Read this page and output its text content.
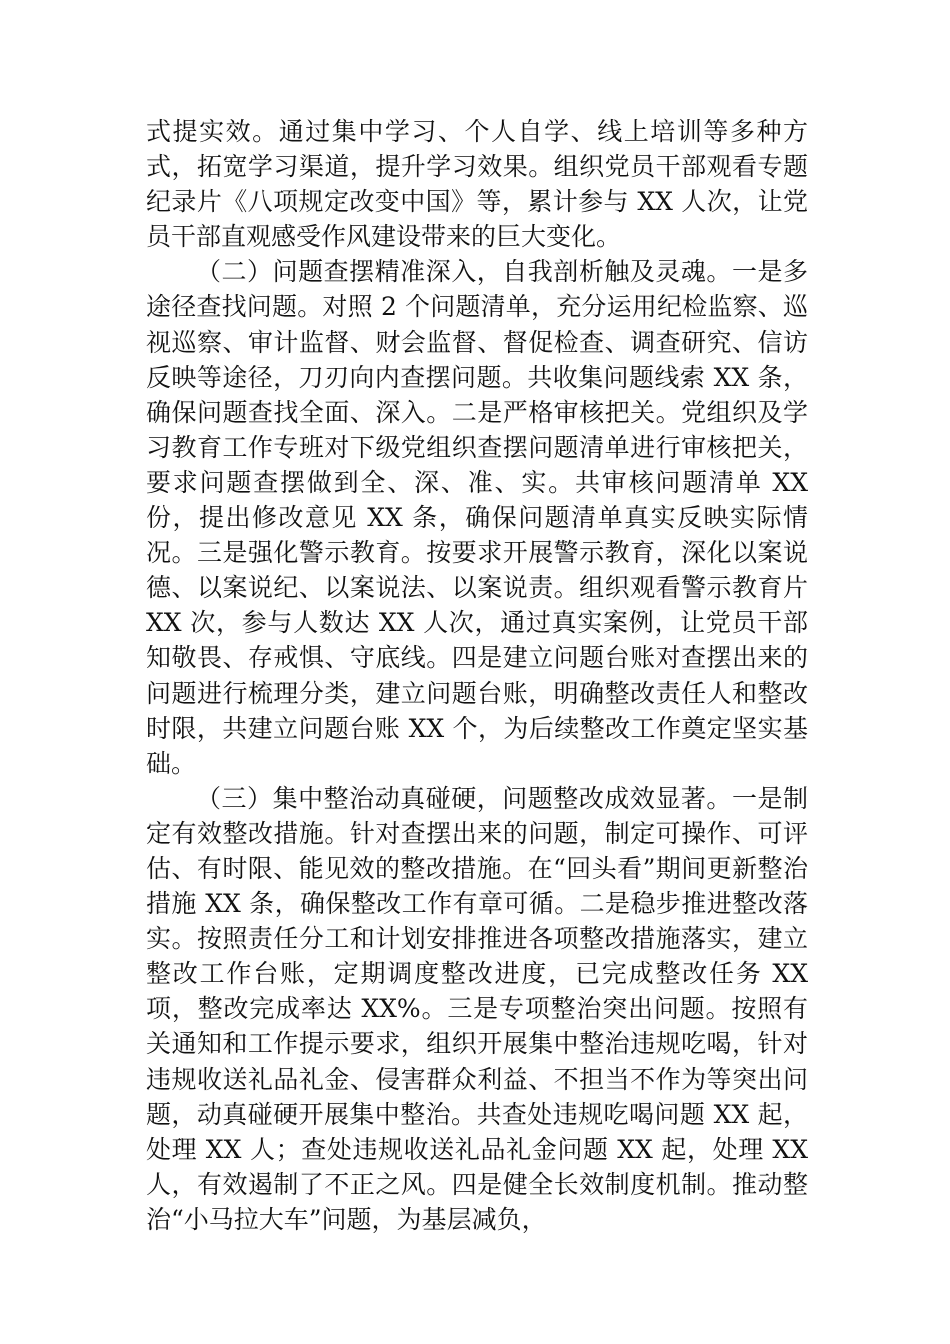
式提实效。通过集中学习、个人自学、线上培训等多种方式，拓宽学习渠道，提升学习效果。组织党员干部观看专题纪录片《八项规定改变中国》等，累计参与 XX 人次，让党员干部直观感受作风建设带来的巨大变化。

（二）问题查摆精准深入，自我剖析触及灵魂。一是多途径查找问题。对照 2 个问题清单，充分运用纪检监察、巡视巡察、审计监督、财会监督、督促检查、调查研究、信访反映等途径，刀刃向内查摆问题。共收集问题线索 XX 条，确保问题查找全面、深入。二是严格审核把关。党组织及学习教育工作专班对下级党组织查摆问题清单进行审核把关，要求问题查摆做到全、深、准、实。共审核问题清单 XX 份，提出修改意见 XX 条，确保问题清单真实反映实际情况。三是强化警示教育。按要求开展警示教育，深化以案说德、以案说纪、以案说法、以案说责。组织观看警示教育片 XX 次，参与人数达 XX 人次，通过真实案例，让党员干部知敬畏、存戒惧、守底线。四是建立问题台账对查摆出来的问题进行梳理分类，建立问题台账，明确整改责任人和整改时限，共建立问题台账 XX 个，为后续整改工作奠定坚实基础。

（三）集中整治动真碰硬，问题整改成效显著。一是制定有效整改措施。针对查摆出来的问题，制定可操作、可评估、有时限、能见效的整改措施。在“回头看”期间更新整治措施 XX 条，确保整改工作有章可循。二是稳步推进整改落实。按照责任分工和计划安排推进各项整改措施落实，建立整改工作台账，定期调度整改进度，已完成整改任务 XX 项，整改完成率达 XX%。三是专项整治突出问题。按照有关通知和工作提示要求，组织开展集中整治违规吃喝，针对违规收送礼品礼金、侵害群众利益、不担当不作为等突出问题，动真碰硬开展集中整治。共查处违规吃喝问题 XX 起，处理 XX 人；查处违规收送礼品礼金问题 XX 起，处理 XX 人，有效遏制了不正之风。四是健全长效制度机制。推动整治“小马拉大车”问题，为基层减负，
